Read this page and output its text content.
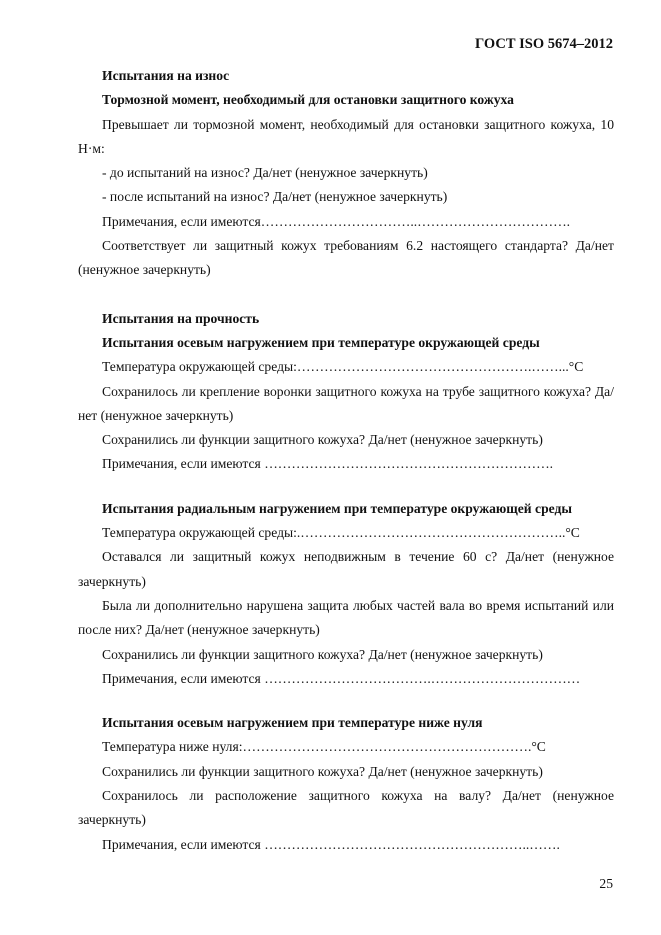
ГОСТ ISO 5674–2012

Испытания на износ

Тормозной момент, необходимый для остановки защитного кожуха

Превышает ли тормозной момент, необходимый для остановки защитного кожуха, 10 Н·м:

- до испытаний на износ? Да/нет (ненужное зачеркнуть)

- после испытаний на износ? Да/нет (ненужное зачеркнуть)

Примечания, если имеются……………………………..…………………………….

Соответствует ли защитный кожух требованиям 6.2 настоящего стандарта? Да/нет (ненужное зачеркнуть)

Испытания на прочность

Испытания осевым нагружением при температуре окружающей среды

Температура окружающей среды:…………………………………………….……...°С

Сохранилось ли крепление воронки защитного кожуха на трубе защитного кожуха? Да/нет (ненужное зачеркнуть)

Сохранились ли функции защитного кожуха? Да/нет (ненужное зачеркнуть)

Примечания, если имеются ……………………………………………………….

Испытания радиальным нагружением при температуре окружающей среды

Температура окружающей среды:.…………………………………………………..°С

Оставался ли защитный кожух неподвижным в течение 60 с? Да/нет (ненужное зачеркнуть)

Была ли дополнительно нарушена защита любых частей вала во время испытаний или после них? Да/нет (ненужное зачеркнуть)

Сохранились ли функции защитного кожуха? Да/нет (ненужное зачеркнуть)

Примечания, если имеются ……………………………….……………………………

Испытания осевым нагружением при температуре ниже нуля

Температура ниже нуля:……………………………………………………….°С

Сохранились ли функции защитного кожуха? Да/нет (ненужное зачеркнуть)

Сохранилось ли расположение защитного кожуха на валу? Да/нет (ненужное зачеркнуть)

Примечания, если имеются …………………………………………………..…….

25
